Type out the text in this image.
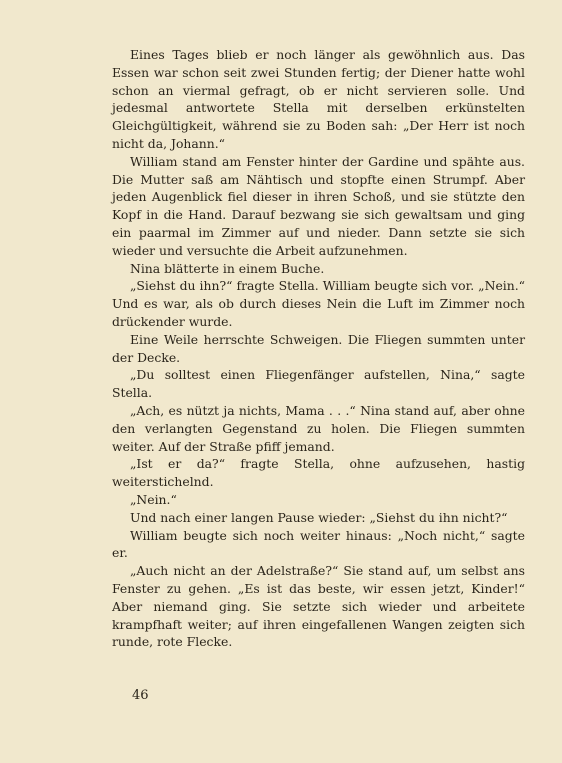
Eines Tages blieb er noch länger als gewöhnlich aus. Das Essen war schon seit zwei Stunden fertig; der Diener hatte wohl schon an viermal gefragt, ob er nicht servieren solle. Und jedesmal antwortete Stella mit derselben erkünstelten Gleichgültigkeit, während sie zu Boden sah: „Der Herr ist noch nicht da, Johann.“

William stand am Fenster hinter der Gardine und spähte aus. Die Mutter saß am Nähtisch und stopfte einen Strumpf. Aber jeden Augenblick fiel dieser in ihren Schoß, und sie stützte den Kopf in die Hand. Darauf bezwang sie sich gewaltsam und ging ein paarmal im Zimmer auf und nieder. Dann setzte sie sich wieder und versuchte die Arbeit aufzunehmen.

Nina blätterte in einem Buche.

„Siehst du ihn?“ fragte Stella. William beugte sich vor. „Nein.“ Und es war, als ob durch dieses Nein die Luft im Zimmer noch drückender wurde.

Eine Weile herrschte Schweigen. Die Fliegen summten unter der Decke.

„Du solltest einen Fliegenfänger aufstellen, Nina,“ sagte Stella.

„Ach, es nützt ja nichts, Mama . . .“ Nina stand auf, aber ohne den verlangten Gegenstand zu holen. Die Fliegen summten weiter. Auf der Straße pfiff jemand.

„Ist er da?“ fragte Stella, ohne aufzusehen, hastig weiterstichelnd.

„Nein.“

Und nach einer langen Pause wieder: „Siehst du ihn nicht?“

William beugte sich noch weiter hinaus: „Noch nicht,“ sagte er.

„Auch nicht an der Adelstraße?“ Sie stand auf, um selbst ans Fenster zu gehen. „Es ist das beste, wir essen jetzt, Kinder!“ Aber niemand ging. Sie setzte sich wieder und arbeitete krampfhaft weiter; auf ihren eingefallenen Wangen zeigten sich runde, rote Flecke.

46
